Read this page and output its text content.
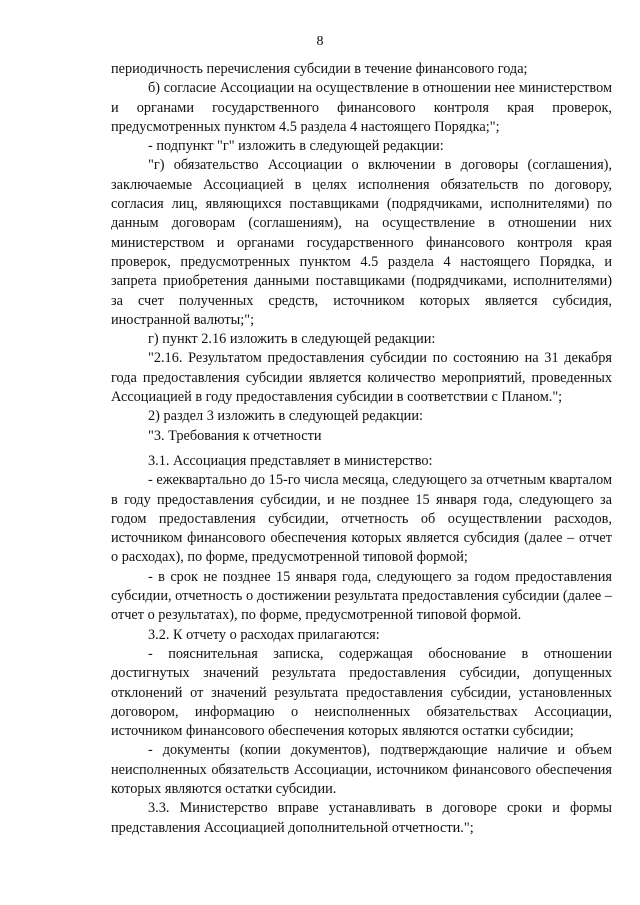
8

периодичность перечисления субсидии в течение финансового года;

б) согласие Ассоциации на осуществление в отношении нее министерством и органами государственного финансового контроля края проверок, предусмотренных пунктом 4.5 раздела 4 настоящего Порядка;";

- подпункт "г" изложить в следующей редакции:

"г) обязательство Ассоциации о включении в договоры (соглашения), заключаемые Ассоциацией в целях исполнения обязательств по договору, согласия лиц, являющихся поставщиками (подрядчиками, исполнителями) по данным договорам (соглашениям), на осуществление в отношении них министерством и органами государственного финансового контроля края проверок, предусмотренных пунктом 4.5 раздела 4 настоящего Порядка, и запрета приобретения данными поставщиками (подрядчиками, исполнителями) за счет полученных средств, источником которых является субсидия, иностранной валюты;";

г) пункт 2.16 изложить в следующей редакции:

"2.16. Результатом предоставления субсидии по состоянию на 31 декабря года предоставления субсидии является количество мероприятий, проведенных Ассоциацией в году предоставления субсидии в соответствии с Планом.";

2) раздел 3 изложить в следующей редакции:

"3. Требования к отчетности

3.1. Ассоциация представляет в министерство:

- ежеквартально до 15-го числа месяца, следующего за отчетным кварталом в году предоставления субсидии, и не позднее 15 января года, следующего за годом предоставления субсидии, отчетность об осуществлении расходов, источником финансового обеспечения которых является субсидия (далее – отчет о расходах), по форме, предусмотренной типовой формой;

- в срок не позднее 15 января года, следующего за годом предоставления субсидии, отчетность о достижении результата предоставления субсидии (далее – отчет о результатах), по форме, предусмотренной типовой формой.

3.2. К отчету о расходах прилагаются:

- пояснительная записка, содержащая обоснование в отношении достигнутых значений результата предоставления субсидии, допущенных отклонений от значений результата предоставления субсидии, установленных договором, информацию о неисполненных обязательствах Ассоциации, источником финансового обеспечения которых являются остатки субсидии;

- документы (копии документов), подтверждающие наличие и объем неисполненных обязательств Ассоциации, источником финансового обеспечения которых являются остатки субсидии.

3.3. Министерство вправе устанавливать в договоре сроки и формы представления Ассоциацией дополнительной отчетности.";
